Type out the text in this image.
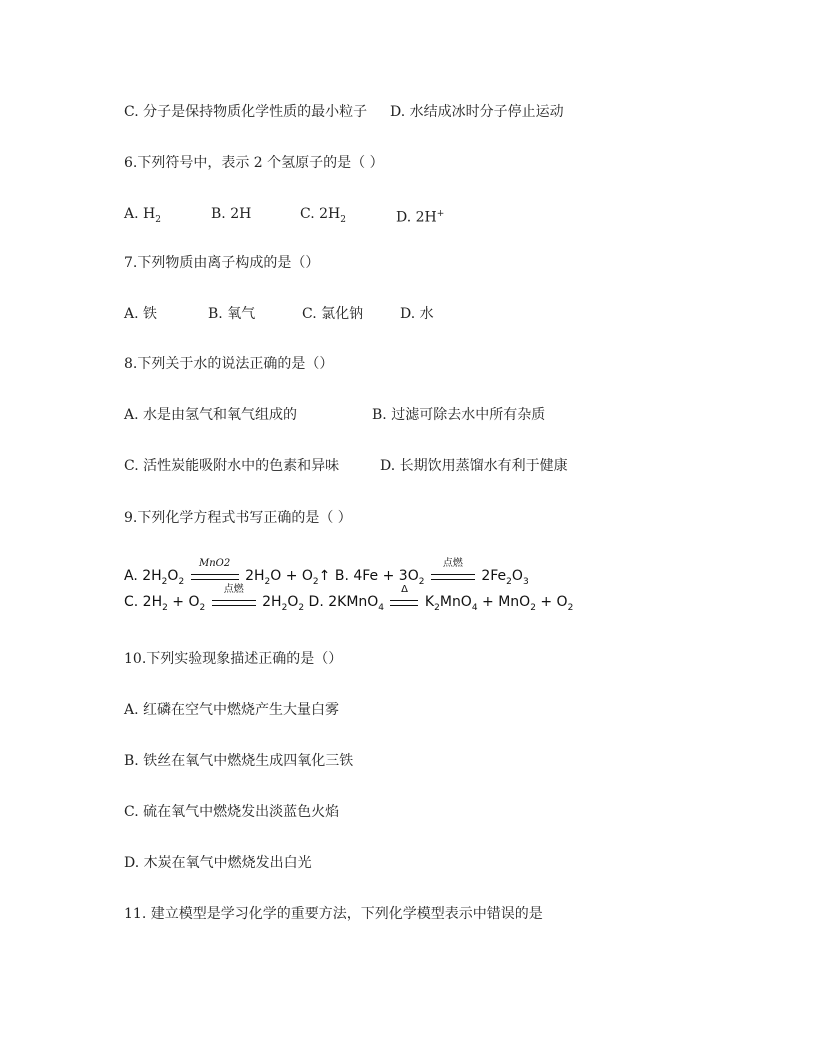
C. 分子是保持物质化学性质的最小粒子 D. 水结成冰时分子停止运动
6.下列符号中，表示 2 个氢原子的是（ ）
A. $H_2$	B. 2H	C. $2H_2$	D. 2H+
7.下列物质由离子构成的是（）
A. 铁	B. 氧气	C. 氯化钠	D. 水
8.下列关于水的说法正确的是（）
A. 水是由氢气和氧气组成的	B. 过滤可除去水中所有杂质
C. 活性炭能吸附水中的色素和异味	D. 长期饮用蒸馏水有利于健康
9.下列化学方程式书写正确的是（ ）
A. $2H_2O_2$
MnO2
$2H_2O$ + $O_2↑$ B. $4Fe + 3O_2$
点燃
$2Fe_2O_3$
C. $2H_2 + O_2$
点燃
$2H_2O_2$ D. 2KMnO$_4$
Δ
$K_2MnO_4 + MnO_2 + O_2$
10.下列实验现象描述正确的是（）
A. 红磷在空气中燃烧产生大量白雾
B. 铁丝在氧气中燃烧生成四氧化三铁
C. 硫在氧气中燃烧发出淡蓝色火焰
D. 木炭在氧气中燃烧发出白光
11. 建立模型是学习化学的重要方法，下列化学模型表示中错误的是
